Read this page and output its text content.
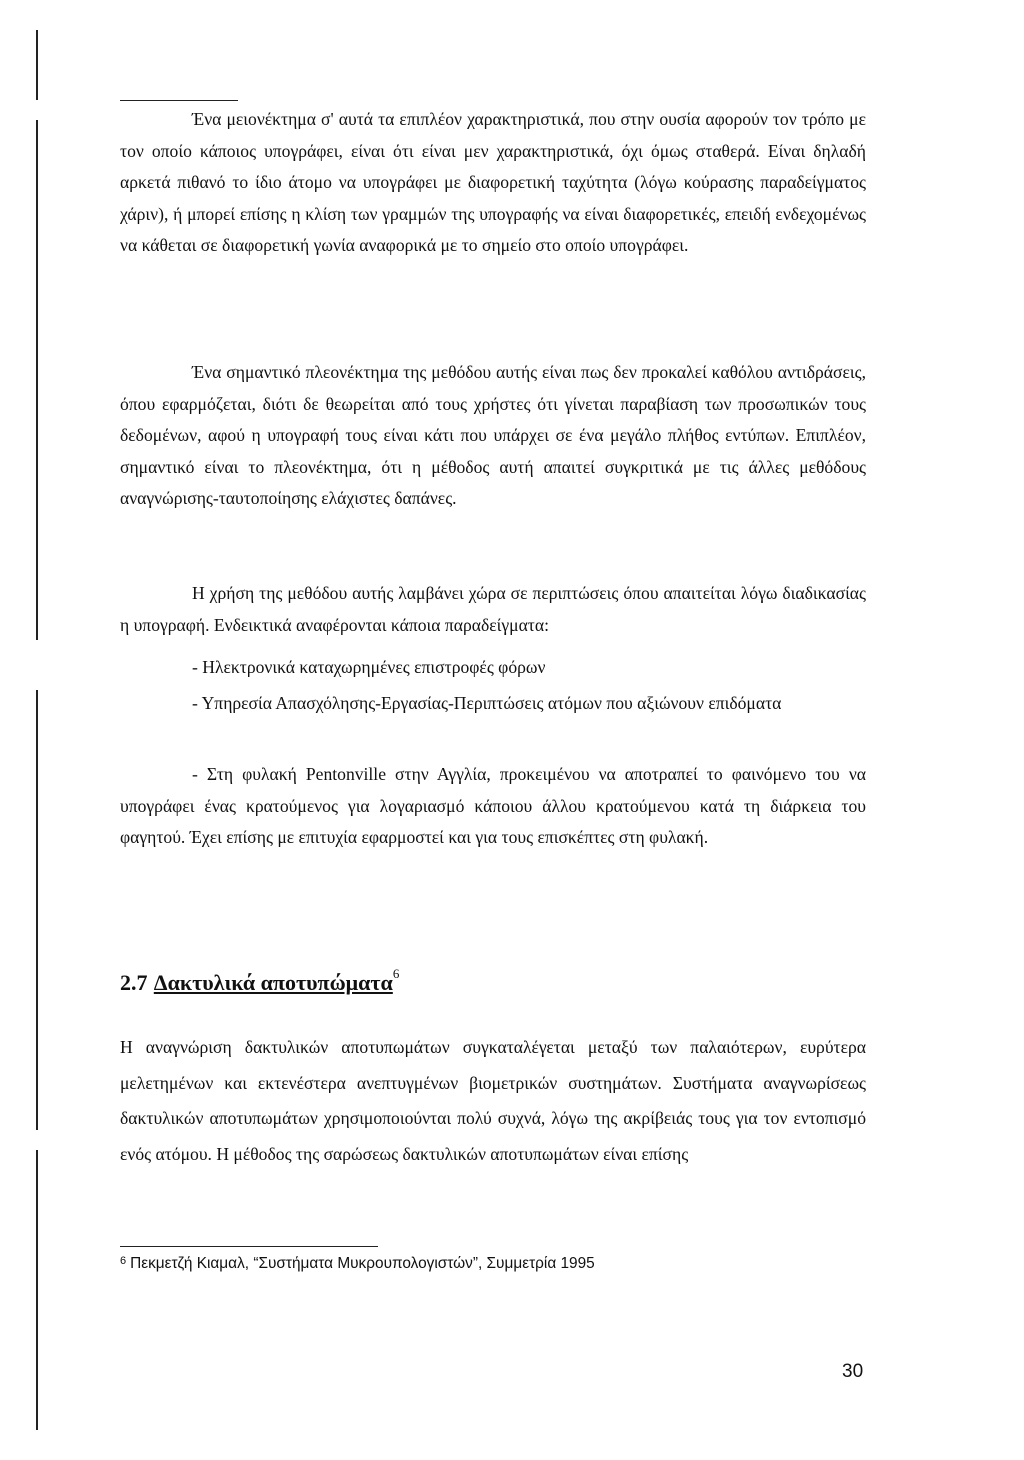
Ένα μειονέκτημα σ' αυτά τα επιπλέον χαρακτηριστικά, που στην ουσία αφορούν τον τρόπο με τον οποίο κάποιος υπογράφει, είναι ότι είναι μεν χαρακτηριστικά, όχι όμως σταθερά. Είναι δηλαδή αρκετά πιθανό το ίδιο άτομο να υπογράφει με διαφορετική ταχύτητα (λόγω κούρασης παραδείγματος χάριν), ή μπορεί επίσης η κλίση των γραμμών της υπογραφής να είναι διαφορετικές, επειδή ενδεχομένως να κάθεται σε διαφορετική γωνία αναφορικά με το σημείο στο οποίο υπογράφει.

Ένα σημαντικό πλεονέκτημα της μεθόδου αυτής είναι πως δεν προκαλεί καθόλου αντιδράσεις, όπου εφαρμόζεται, διότι δε θεωρείται από τους χρήστες ότι γίνεται παραβίαση των προσωπικών τους δεδομένων, αφού η υπογραφή τους είναι κάτι που υπάρχει σε ένα μεγάλο πλήθος εντύπων. Επιπλέον, σημαντικό είναι το πλεονέκτημα, ότι η μέθοδος αυτή απαιτεί συγκριτικά με τις άλλες μεθόδους αναγνώρισης-ταυτοποίησης ελάχιστες δαπάνες.

Η χρήση της μεθόδου αυτής λαμβάνει χώρα σε περιπτώσεις όπου απαιτείται λόγω διαδικασίας η υπογραφή. Ενδεικτικά αναφέρονται κάποια παραδείγματα:

- Ηλεκτρονικά καταχωρημένες επιστροφές φόρων

- Υπηρεσία Απασχόλησης-Εργασίας-Περιπτώσεις ατόμων που αξιώνουν επιδόματα

- Στη φυλακή Pentonville στην Αγγλία, προκειμένου να αποτραπεί το φαινόμενο του να υπογράφει ένας κρατούμενος για λογαριασμό κάποιου άλλου κρατούμενου κατά τη διάρκεια του φαγητού. Έχει επίσης με επιτυχία εφαρμοστεί και για τους επισκέπτες στη φυλακή.

2.7 Δακτυλικά αποτυπώματα$^6$

Η αναγνώριση δακτυλικών αποτυπωμάτων συγκαταλέγεται μεταξύ των παλαιότερων, ευρύτερα μελετημένων και εκτενέστερα ανεπτυγμένων βιομετρικών συστημάτων. Συστήματα αναγνωρίσεως δακτυλικών αποτυπωμάτων χρησιμοποιούνται πολύ συχνά, λόγω της ακρίβειάς τους για τον εντοπισμό ενός ατόμου. Η μέθοδος της σαρώσεως δακτυλικών αποτυπωμάτων είναι επίσης

$^6$ Πεκμετζή Κιαμαλ, “Συστήματα Μυκρουπολογιστών”, Συμμετρία 1995

30
